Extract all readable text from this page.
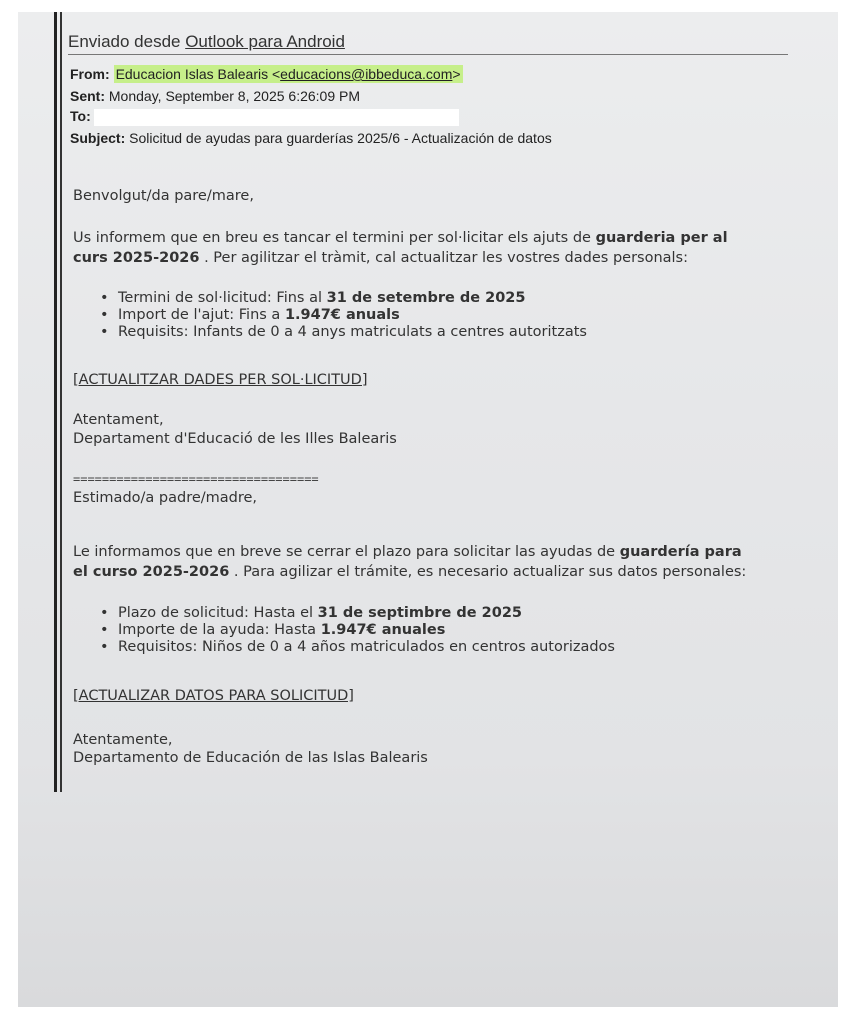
Enviado desde Outlook para Android
From: Educacion Islas Balearis <educacions@ibbeduca.com>
Sent: Monday, September 8, 2025 6:26:09 PM
To:
Subject: Solicitud de ayudas para guarderías 2025/6 - Actualización de datos
Benvolgut/da pare/mare,
Us informem que en breu es tancar el termini per sol·licitar els ajuts de guarderia per al
curs 2025-2026 . Per agilitzar el tràmit, cal actualitzar les vostres dades personals:
• Termini de sol·licitud: Fins al 31 de setembre de 2025
• Import de l'ajut: Fins a 1.947€ anuals
• Requisits: Infants de 0 a 4 anys matriculats a centres autoritzats
[ACTUALITZAR DADES PER SOL·LICITUD]
Atentament,
Departament d'Educació de les Illes Balearis
==================================
Estimado/a padre/madre,
Le informamos que en breve se cerrar el plazo para solicitar las ayudas de guardería para
el curso 2025-2026 . Para agilizar el trámite, es necesario actualizar sus datos personales:
• Plazo de solicitud: Hasta el 31 de septimbre de 2025
• Importe de la ayuda: Hasta 1.947€ anuales
• Requisitos: Niños de 0 a 4 años matriculados en centros autorizados
[ACTUALIZAR DATOS PARA SOLICITUD]
Atentamente,
Departamento de Educación de las Islas Balearis
